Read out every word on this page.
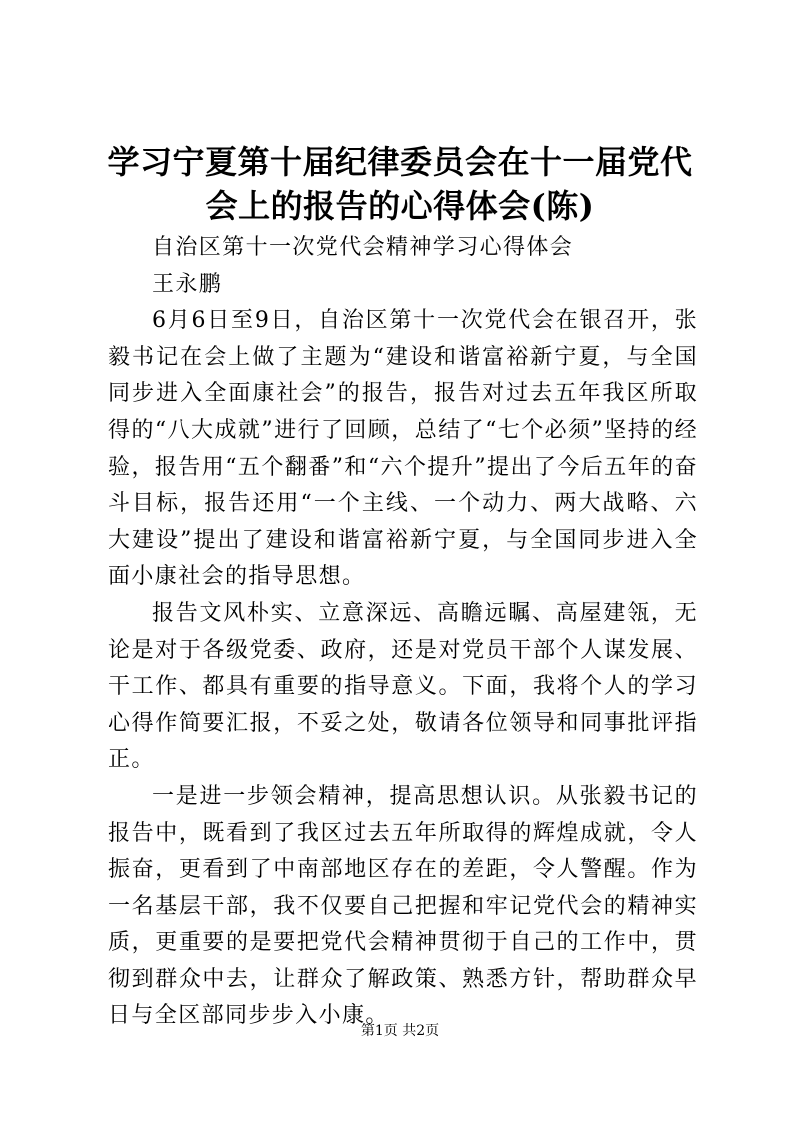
学习宁夏第十届纪律委员会在十一届党代会上的报告的心得体会(陈)

自治区第十一次党代会精神学习心得体会

王永鹏

6月6日至9日，自治区第十一次党代会在银召开，张毅书记在会上做了主题为“建设和谐富裕新宁夏，与全国同步进入全面康社会”的报告，报告对过去五年我区所取得的“八大成就”进行了回顾，总结了“七个必须”坚持的经验，报告用“五个翻番”和“六个提升”提出了今后五年的奋斗目标，报告还用“一个主线、一个动力、两大战略、六大建设”提出了建设和谐富裕新宁夏，与全国同步进入全面小康社会的指导思想。

报告文风朴实、立意深远、高瞻远瞩、高屋建瓴，无论是对于各级党委、政府，还是对党员干部个人谋发展、干工作、都具有重要的指导意义。下面，我将个人的学习心得作简要汇报，不妥之处，敬请各位领导和同事批评指正。

一是进一步领会精神，提高思想认识。从张毅书记的报告中，既看到了我区过去五年所取得的辉煌成就，令人振奋，更看到了中南部地区存在的差距，令人警醒。作为一名基层干部，我不仅要自己把握和牢记党代会的精神实质，更重要的是要把党代会精神贯彻于自己的工作中，贯彻到群众中去，让群众了解政策、熟悉方针，帮助群众早日与全区部同步步入小康。

第1页 共2页
